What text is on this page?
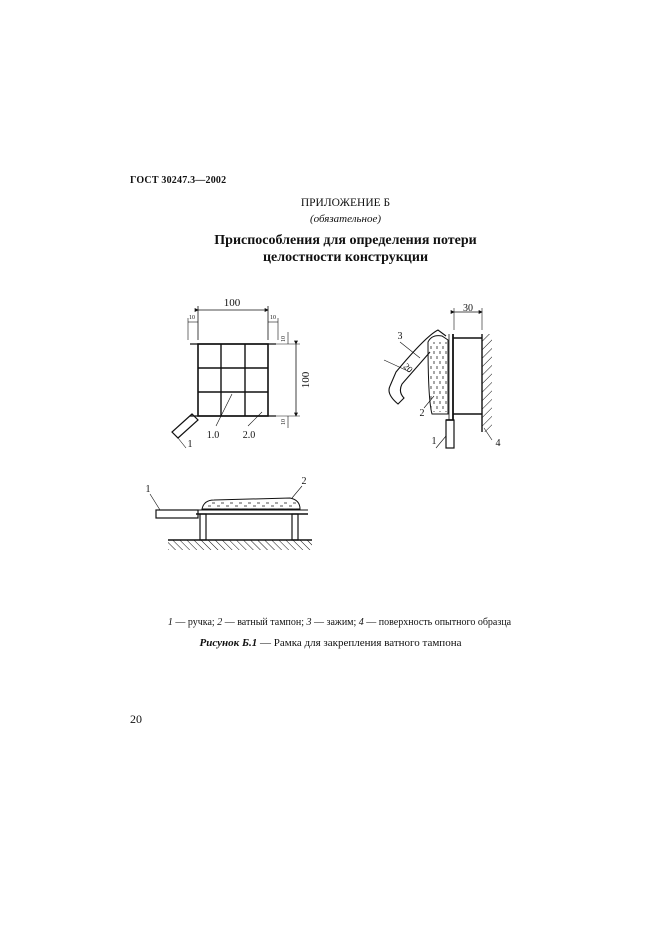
ГОСТ 30247.3—2002
ПРИЛОЖЕНИЕ Б
(обязательное)
Приспособления для определения потери
целостности конструкции
100
10	10
100
10
10
1.0 2.0
1
30
20
3
2
1	4
1
2
1 — ручка; 2 — ватный тампон; 3 — зажим; 4 — поверхность опытного образца
Рисунок Б.1 — Рамка для закрепления ватного тампона
20
